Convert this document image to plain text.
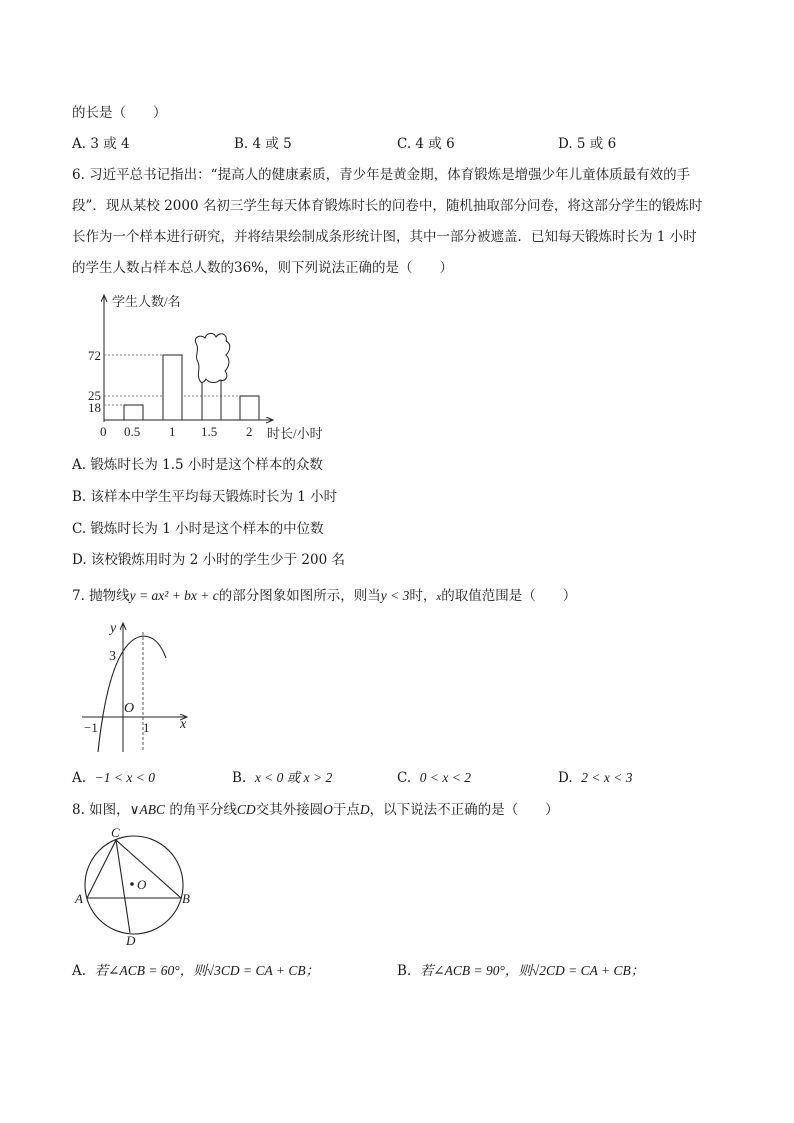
的长是（　　）
A. 3 或 4	B. 4 或 5	C. 4 或 6	D. 5 或 6
6. 习近平总书记指出：“提高人的健康素质，青少年是黄金期，体育锻炼是增强少年儿童体质最有效的手
段”．现从某校 2000 名初三学生每天体育锻炼时长的问卷中，随机抽取部分问卷，将这部分学生的锻炼时
长作为一个样本进行研究，并将结果绘制成条形统计图，其中一部分被遮盖．已知每天锻炼时长为 1 小时
的学生人数占样本总人数的36%，则下列说法正确的是（　　）
学生人数/名
时长/小时
72
25
18
0 0.5 1 1.5 2
A. 锻炼时长为 1.5 小时是这个样本的众数
B. 该样本中学生平均每天锻炼时长为 1 小时
C. 锻炼时长为 1 小时是这个样本的中位数
D. 该校锻炼用时为 2 小时的学生少于 200 名
7. 抛物线y = ax² + bx + c的部分图象如图所示，则当y < 3时，x的取值范围是（　　）
y
3
x
O
−1	1
A. −1 < x < 0	B. x < 0 或 x > 2	C. 0 < x < 2	D. 2 < x < 3
8. 如图，∨ABC 的角平分线CD交其外接圆O于点D，以下说法不正确的是（　　）
C
A	B
D
O
A. 若∠ACB = 60°，则√3CD = CA + CB；	B. 若∠ACB = 90°，则√2CD = CA + CB；
